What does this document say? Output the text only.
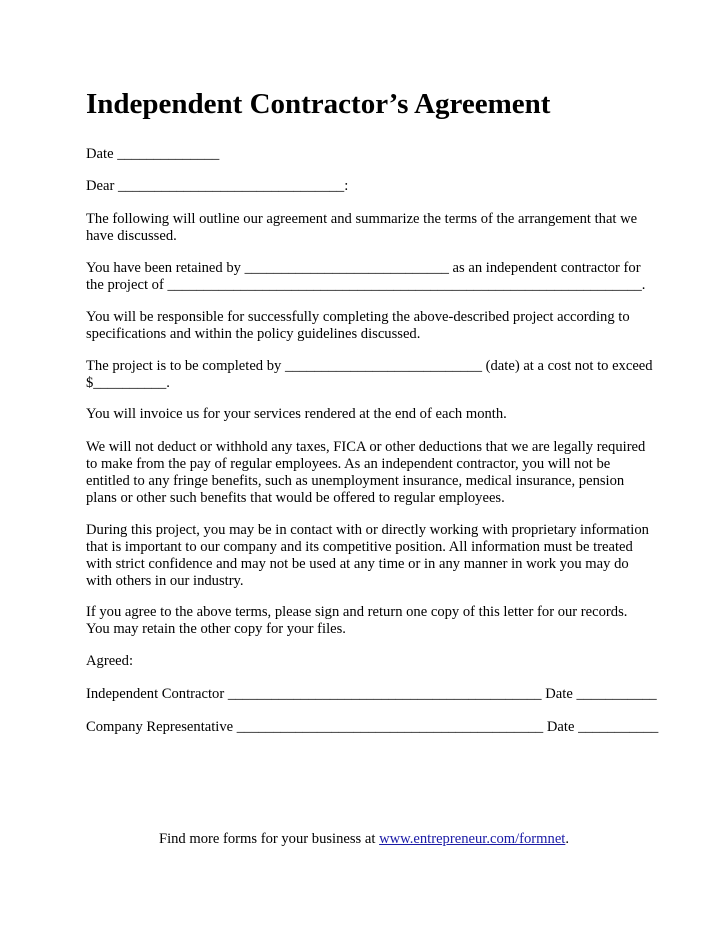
Independent Contractor’s Agreement
Date ______________
Dear _______________________________:
The following will outline our agreement and summarize the terms of the arrangement that we
have discussed.
You have been retained by ____________________________ as an independent contractor for
the project of _________________________________________________________________.
You will be responsible for successfully completing the above-described project according to
specifications and within the policy guidelines discussed.
The project is to be completed by ___________________________ (date) at a cost not to exceed
$__________.
You will invoice us for your services rendered at the end of each month.
We will not deduct or withhold any taxes, FICA or other deductions that we are legally required
to make from the pay of regular employees. As an independent contractor, you will not be
entitled to any fringe benefits, such as unemployment insurance, medical insurance, pension
plans or other such benefits that would be offered to regular employees.
During this project, you may be in contact with or directly working with proprietary information
that is important to our company and its competitive position. All information must be treated
with strict confidence and may not be used at any time or in any manner in work you may do
with others in our industry.
If you agree to the above terms, please sign and return one copy of this letter for our records.
You may retain the other copy for your files.
Agreed:
Independent Contractor ___________________________________________ Date ___________
Company Representative __________________________________________ Date ___________
Find more forms for your business at www.entrepreneur.com/formnet.
